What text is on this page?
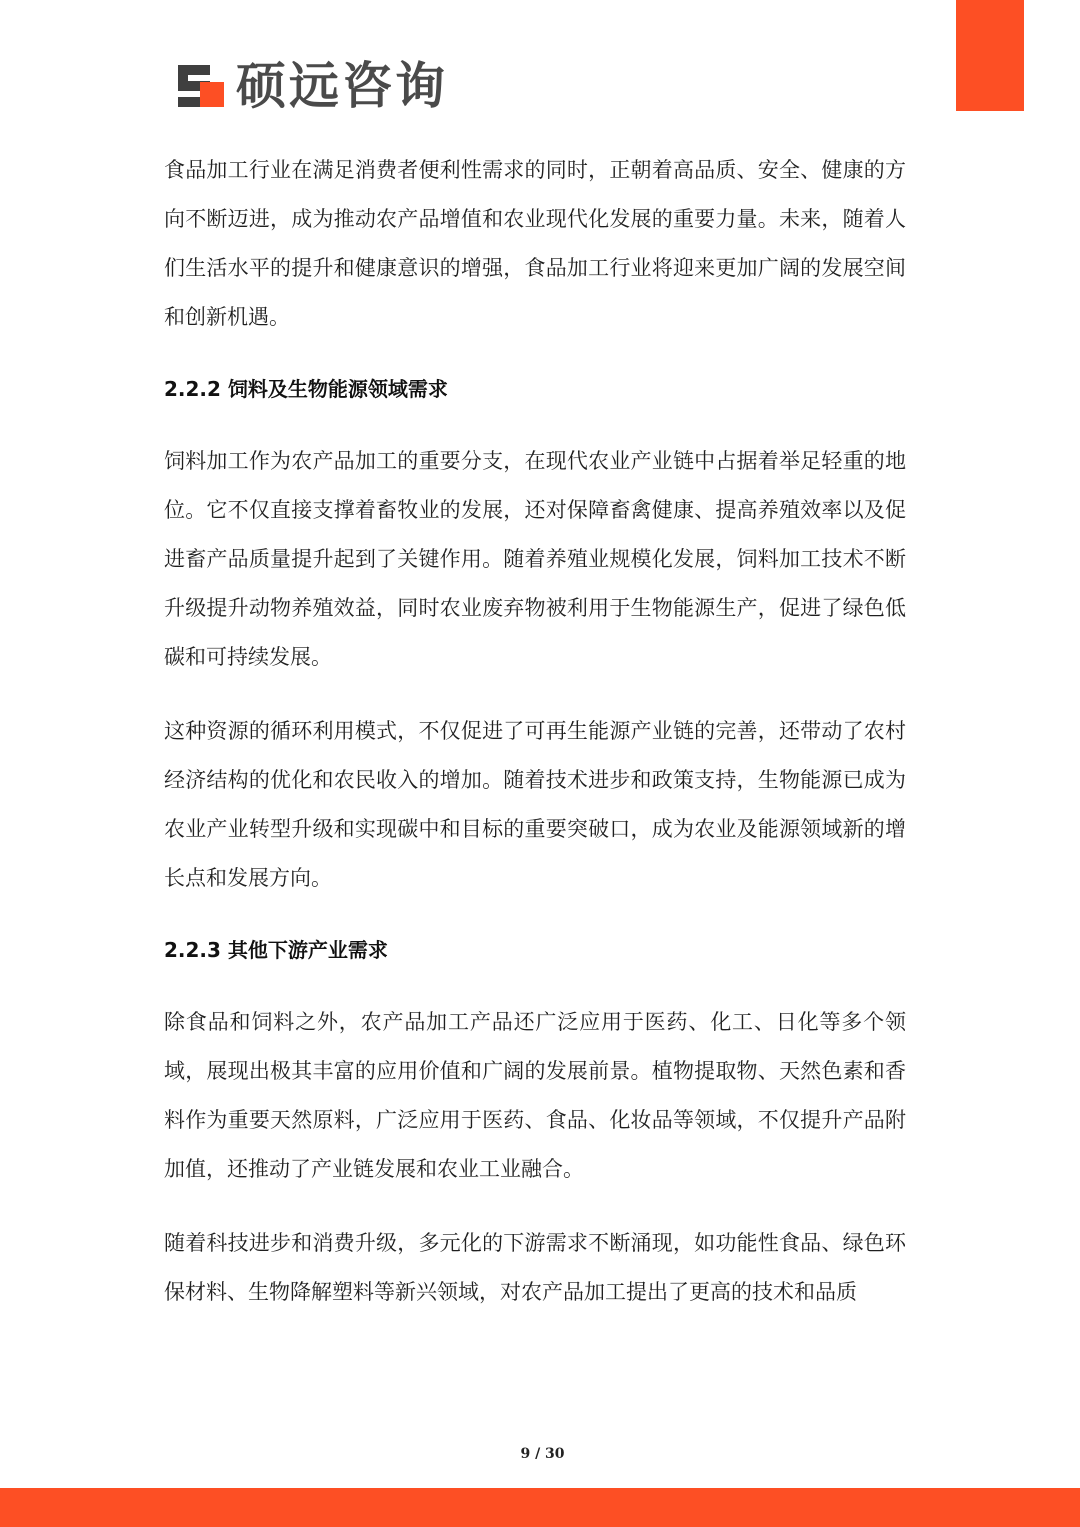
硕远咨询

食品加工行业在满足消费者便利性需求的同时，正朝着高品质、安全、健康的方向不断迈进，成为推动农产品增值和农业现代化发展的重要力量。未来，随着人们生活水平的提升和健康意识的增强，食品加工行业将迎来更加广阔的发展空间和创新机遇。

2.2.2 饲料及生物能源领域需求

饲料加工作为农产品加工的重要分支，在现代农业产业链中占据着举足轻重的地位。它不仅直接支撑着畜牧业的发展，还对保障畜禽健康、提高养殖效率以及促进畜产品质量提升起到了关键作用。随着养殖业规模化发展，饲料加工技术不断升级提升动物养殖效益，同时农业废弃物被利用于生物能源生产，促进了绿色低碳和可持续发展。

这种资源的循环利用模式，不仅促进了可再生能源产业链的完善，还带动了农村经济结构的优化和农民收入的增加。随着技术进步和政策支持，生物能源已成为农业产业转型升级和实现碳中和目标的重要突破口，成为农业及能源领域新的增长点和发展方向。

2.2.3 其他下游产业需求

除食品和饲料之外，农产品加工产品还广泛应用于医药、化工、日化等多个领域，展现出极其丰富的应用价值和广阔的发展前景。植物提取物、天然色素和香料作为重要天然原料，广泛应用于医药、食品、化妆品等领域，不仅提升产品附加值，还推动了产业链发展和农业工业融合。

随着科技进步和消费升级，多元化的下游需求不断涌现，如功能性食品、绿色环保材料、生物降解塑料等新兴领域，对农产品加工提出了更高的技术和品质

9 / 30
